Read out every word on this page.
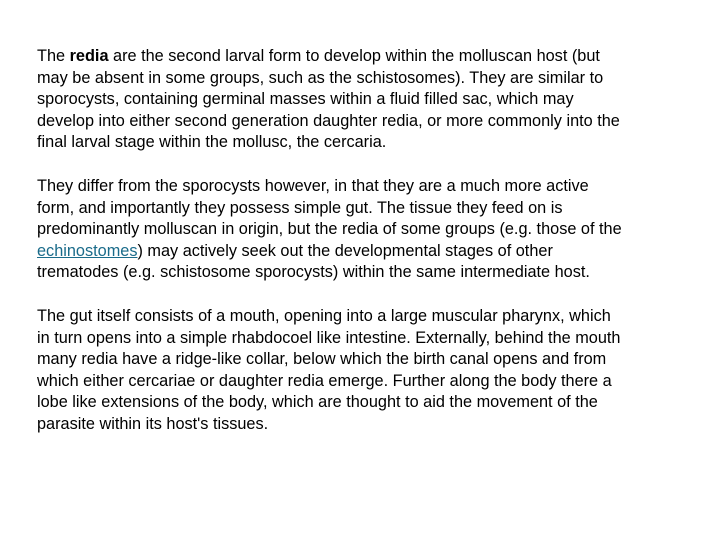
The redia are the second larval form to develop within the molluscan host (but
may be absent in some groups, such as the schistosomes). They are similar to
sporocysts, containing germinal masses within a fluid filled sac, which may
develop into either second generation daughter redia, or more commonly into the
final larval stage within the mollusc, the cercaria.

They differ from the sporocysts however, in that they are a much more active
form, and importantly they possess simple gut. The tissue they feed on is
predominantly molluscan in origin, but the redia of some groups (e.g. those of the
echinostomes) may actively seek out the developmental stages of other
trematodes (e.g. schistosome sporocysts) within the same intermediate host.

The gut itself consists of a mouth, opening into a large muscular pharynx, which
in turn opens into a simple rhabdocoel like intestine. Externally, behind the mouth
many redia have a ridge-like collar, below which the birth canal opens and from
which either cercariae or daughter redia emerge. Further along the body there a
lobe like extensions of the body, which are thought to aid the movement of the
parasite within its host's tissues.
